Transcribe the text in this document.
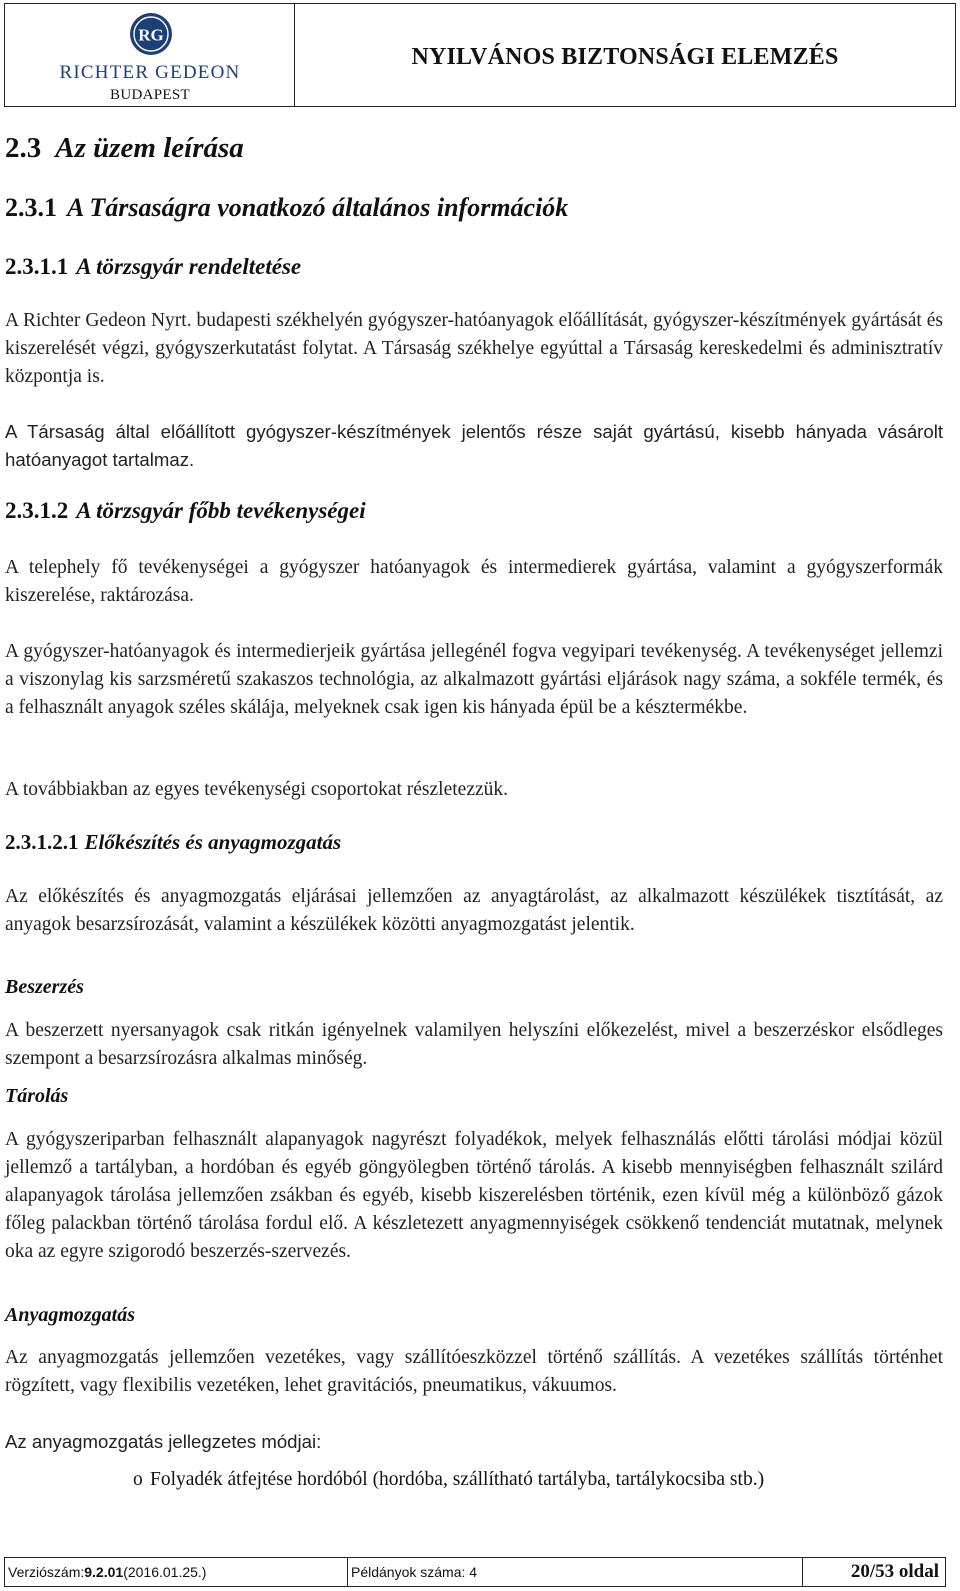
RG
RICHTER GEDEON
BUDAPEST
NYILVÁNOS BIZTONSÁGI ELEMZÉS
2.3 Az üzem leírása
2.3.1 A Társaságra vonatkozó általános információk
2.3.1.1 A törzsgyár rendeltetése
A Richter Gedeon Nyrt. budapesti székhelyén gyógyszer-hatóanyagok előállítását, gyógyszer-készítmények gyártását és kiszerelését végzi, gyógyszerkutatást folytat. A Társaság székhelye egyúttal a Társaság kereskedelmi és adminisztratív központja is.
A Társaság által előállított gyógyszer-készítmények jelentős része saját gyártású, kisebb hányada vásárolt hatóanyagot tartalmaz.
2.3.1.2 A törzsgyár főbb tevékenységei
A telephely fő tevékenységei a gyógyszer hatóanyagok és intermedierek gyártása, valamint a gyógyszerformák kiszerelése, raktározása.
A gyógyszer-hatóanyagok és intermedierjeik gyártása jellegénél fogva vegyipari tevékenység. A tevékenységet jellemzi a viszonylag kis sarzsméretű szakaszos technológia, az alkalmazott gyártási eljárások nagy száma, a sokféle termék, és a felhasznált anyagok széles skálája, melyeknek csak igen kis hányada épül be a késztermékbe.
A továbbiakban az egyes tevékenységi csoportokat részletezzük.
2.3.1.2.1 Előkészítés és anyagmozgatás
Az előkészítés és anyagmozgatás eljárásai jellemzően az anyagtárolást, az alkalmazott készülékek tisztítását, az anyagok besarzsírozását, valamint a készülékek közötti anyagmozgatást jelentik.
Beszerzés
A beszerzett nyersanyagok csak ritkán igényelnek valamilyen helyszíni előkezelést, mivel a beszerzéskor elsődleges szempont a besarzsírozásra alkalmas minőség.
Tárolás
A gyógyszeriparban felhasznált alapanyagok nagyrészt folyadékok, melyek felhasználás előtti tárolási módjai közül jellemző a tartályban, a hordóban és egyéb göngyölegben történő tárolás. A kisebb mennyiségben felhasznált szilárd alapanyagok tárolása jellemzően zsákban és egyéb, kisebb kiszerelésben történik, ezen kívül még a különböző gázok főleg palackban történő tárolása fordul elő. A készletezett anyagmennyiségek csökkenő tendenciát mutatnak, melynek oka az egyre szigorodó beszerzés-szervezés.
Anyagmozgatás
Az anyagmozgatás jellemzően vezetékes, vagy szállítóeszközzel történő szállítás. A vezetékes szállítás történhet rögzített, vagy flexibilis vezetéken, lehet gravitációs, pneumatikus, vákuumos.
Az anyagmozgatás jellegzetes módjai:
o Folyadék átfejtése hordóból (hordóba, szállítható tartályba, tartálykocsiba stb.)
Verziószám: 9.2.01 (2016.01.25.)	Példányok száma: 4	20/53 oldal
